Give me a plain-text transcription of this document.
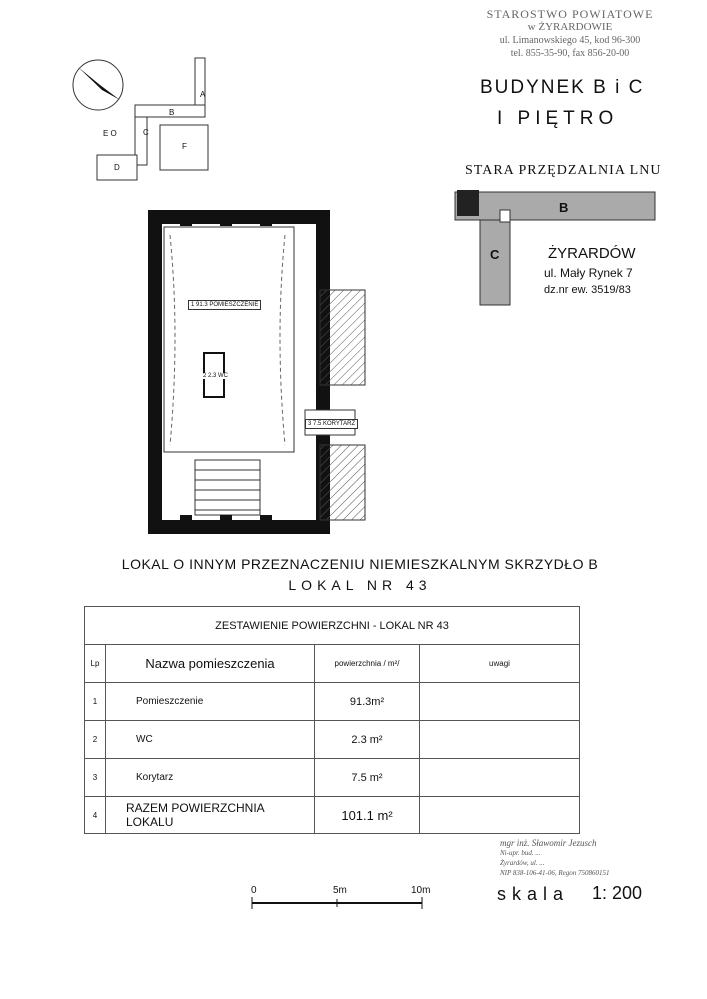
STAROSTWO POWIATOWE
w ŻYRARDOWIE
ul. Limanowskiego 45, kod 96-300
tel. 855-35-90, fax 856-20-00
BUDYNEK B i C
I PIĘTRO
STARA PRZĘDZALNIA LNU
B
C	ŻYRARDÓW
ul. Mały Rynek 7
dz.nr ew. 3519/83
A
B
C
D
E O
F
1 91.3 POMIESZCZENIE
2 2.3 WC
3 7.5 KORYTARZ
LOKAL O INNYM PRZEZNACZENIU NIEMIESZKALNYM SKRZYDŁO B
LOKAL NR 43
ZESTAWIENIE POWIERZCHNI - LOKAL NR 43			
Lp	Nazwa pomieszczenia	powierzchnia / m²/	uwagi
1	Pomieszczenie	91.3m²	
2	WC	2.3 m²	
3	Korytarz	7.5 m²	
4	RAZEM POWIERZCHNIA LOKALU	101.1 m²	
mgr inż. Sławomir Jezusch
Ni-upr. bud. ...
Żyrardów, ul. ...
NIP 838-106-41-06, Regon 750860151
0	5m	10m	skala 1: 200
